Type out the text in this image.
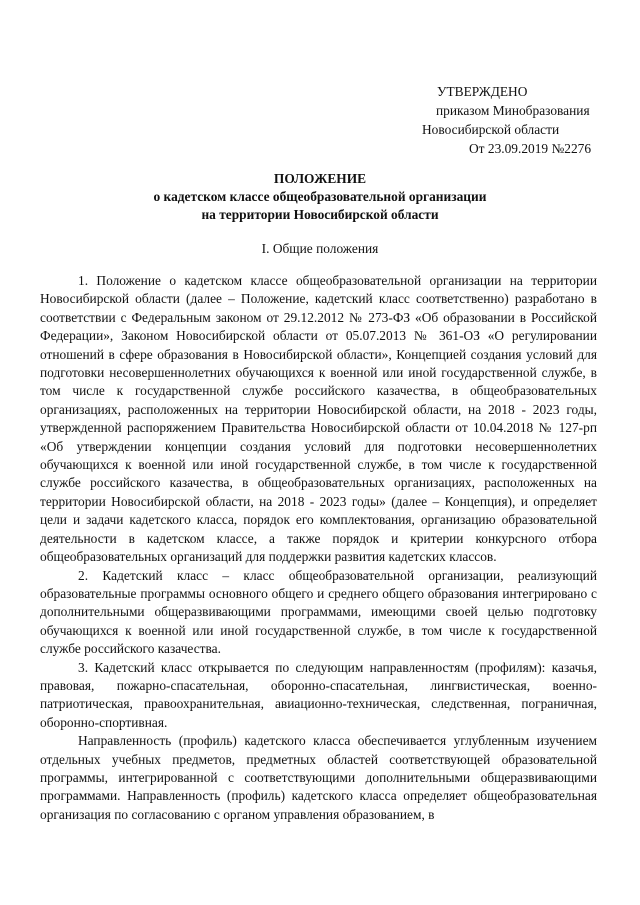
УТВЕРЖДЕНО
приказом Минобразования
Новосибирской области
От 23.09.2019 №2276
ПОЛОЖЕНИЕ
о кадетском классе общеобразовательной организации
на территории Новосибирской области
I. Общие положения

1. Положение о кадетском классе общеобразовательной организации на территории Новосибирской области (далее – Положение, кадетский класс соответственно) разработано в соответствии с Федеральным законом от 29.12.2012 № 273-ФЗ «Об образовании в Российской Федерации», Законом Новосибирской области от 05.07.2013 № 361-ОЗ «О регулировании отношений в сфере образования в Новосибирской области», Концепцией создания условий для подготовки несовершеннолетних обучающихся к военной или иной государственной службе, в том числе к государственной службе российского казачества, в общеобразовательных организациях, расположенных на территории Новосибирской области, на 2018 - 2023 годы, утвержденной распоряжением Правительства Новосибирской области от 10.04.2018 № 127-рп «Об утверждении концепции создания условий для подготовки несовершеннолетних обучающихся к военной или иной государственной службе, в том числе к государственной службе российского казачества, в общеобразовательных организациях, расположенных на территории Новосибирской области, на 2018 - 2023 годы» (далее – Концепция), и определяет цели и задачи кадетского класса, порядок его комплектования, организацию образовательной деятельности в кадетском классе, а также порядок и критерии конкурсного отбора общеобразовательных организаций для поддержки развития кадетских классов.

2. Кадетский класс – класс общеобразовательной организации, реализующий образовательные программы основного общего и среднего общего образования интегрировано с дополнительными общеразвивающими программами, имеющими своей целью подготовку обучающихся к военной или иной государственной службе, в том числе к государственной службе российского казачества.

3. Кадетский класс открывается по следующим направленностям (профилям): казачья, правовая, пожарно-спасательная, оборонно-спасательная, лингвистическая, военно-патриотическая, правоохранительная, авиационно-техническая, следственная, пограничная, оборонно-спортивная.

Направленность (профиль) кадетского класса обеспечивается углубленным изучением отдельных учебных предметов, предметных областей соответствующей образовательной программы, интегрированной с соответствующими дополнительными общеразвивающими программами. Направленность (профиль) кадетского класса определяет общеобразовательная организация по согласованию с органом управления образованием, в
